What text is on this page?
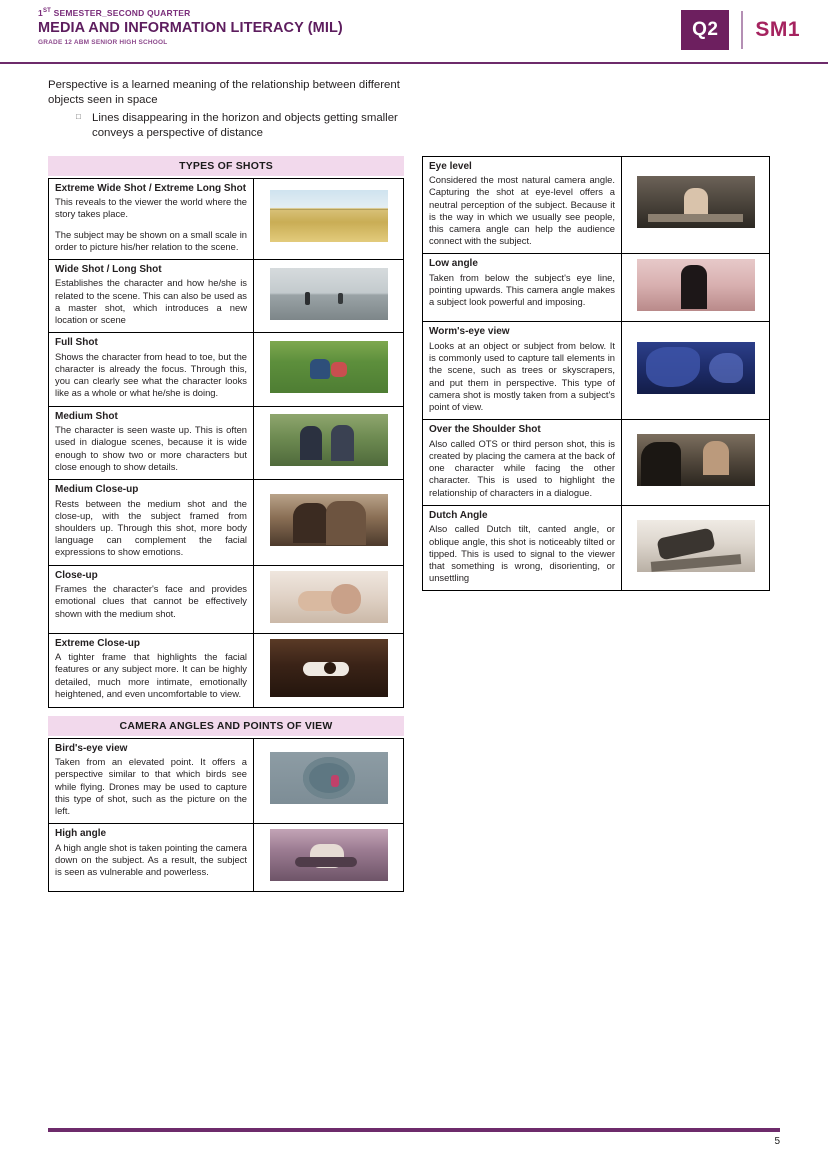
1ST SEMESTER_SECOND QUARTER
MEDIA AND INFORMATION LITERACY (MIL)
GRADE 12 ABM SENIOR HIGH SCHOOL
Q2	SM1

Perspective is a learned meaning of the relationship between different objects seen in space

□ Lines disappearing in the horizon and objects getting smaller conveys a perspective of distance
TYPES OF SHOTS

Extreme Wide Shot / Extreme Long Shot

This reveals to the viewer the world where the story takes place.

The subject may be shown on a small scale in order to picture his/her relation to the scene.	

Wide Shot / Long Shot

Establishes the character and how he/she is related to the scene. This can also be used as a master shot, which introduces a new location or scene	

Full Shot

Shows the character from head to toe, but the character is already the focus. Through this, you can clearly see what the character looks like as a whole or what he/she is doing.	

Medium Shot

The character is seen waste up. This is often used in dialogue scenes, because it is wide enough to show two or more characters but close enough to show details.	

Medium Close-up

Rests between the medium shot and the close-up, with the subject framed from shoulders up. Through this shot, more body language can complement the facial expressions to show emotions.	

Close-up

Frames the character's face and provides emotional clues that cannot be effectively shown with the medium shot.	

Extreme Close-up

A tighter frame that highlights the facial features or any subject more. It can be highly detailed, much more intimate, emotionally heightened, and even uncomfortable to view.	

CAMERA ANGLES AND POINTS OF VIEW

Bird's-eye view

Taken from an elevated point. It offers a perspective similar to that which birds see while flying. Drones may be used to capture this type of shot, such as the picture on the left.	

High angle

A high angle shot is taken pointing the camera down on the subject. As a result, the subject is seen as vulnerable and powerless.	

Eye level

Considered the most natural camera angle. Capturing the shot at eye-level offers a neutral perception of the subject. Because it is the way in which we usually see people, this camera angle can help the audience connect with the subject.	

Low angle

Taken from below the subject's eye line, pointing upwards. This camera angle makes a subject look powerful and imposing.	

Worm's-eye view

Looks at an object or subject from below. It is commonly used to capture tall elements in the scene, such as trees or skyscrapers, and put them in perspective. This type of camera shot is mostly taken from a subject's point of view.	

Over the Shoulder Shot

Also called OTS or third person shot, this is created by placing the camera at the back of one character while facing the other character. This is used to highlight the relationship of characters in a dialogue.	

Dutch Angle

Also called Dutch tilt, canted angle, or oblique angle, this shot is noticeably tilted or tipped. This is used to signal to the viewer that something is wrong, disorienting, or unsettling	

5
